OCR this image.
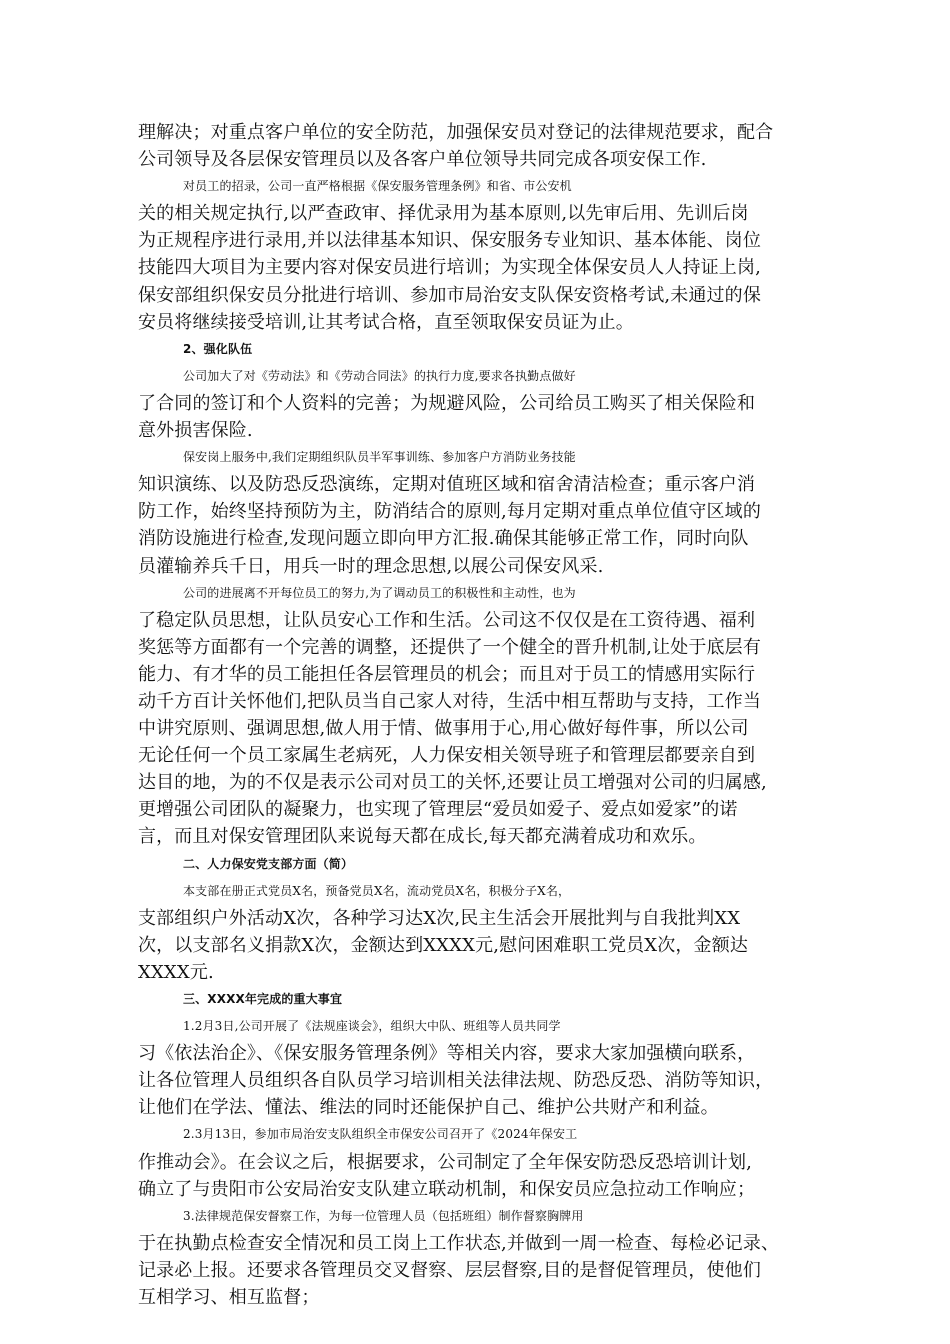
理解决；对重点客户单位的安全防范，加强保安员对登记的法律规范要求，配合
公司领导及各层保安管理员以及各客户单位领导共同完成各项安保工作.
对员工的招录，公司一直严格根据《保安服务管理条例》和省、市公安机
关的相关规定执行,以严查政审、择优录用为基本原则,以先审后用、先训后岗
为正规程序进行录用,并以法律基本知识、保安服务专业知识、基本体能、岗位
技能四大项目为主要内容对保安员进行培训；为实现全体保安员人人持证上岗,
保安部组织保安员分批进行培训、参加市局治安支队保安资格考试,未通过的保
安员将继续接受培训,让其考试合格，直至领取保安员证为止。
2、强化队伍
公司加大了对《劳动法》和《劳动合同法》的执行力度,要求各执勤点做好
了合同的签订和个人资料的完善；为规避风险，公司给员工购买了相关保险和
意外损害保险.
保安岗上服务中,我们定期组织队员半军事训练、参加客户方消防业务技能
知识演练、以及防恐反恐演练，定期对值班区域和宿舍清洁检查；重示客户消
防工作，始终坚持预防为主，防消结合的原则,每月定期对重点单位值守区域的
消防设施进行检查,发现问题立即向甲方汇报.确保其能够正常工作，同时向队
员灌输养兵千日，用兵一时的理念思想,以展公司保安风采.
公司的进展离不开每位员工的努力,为了调动员工的积极性和主动性，也为
了稳定队员思想，让队员安心工作和生活。公司这不仅仅是在工资待遇、福利
奖惩等方面都有一个完善的调整，还提供了一个健全的晋升机制,让处于底层有
能力、有才华的员工能担任各层管理员的机会；而且对于员工的情感用实际行
动千方百计关怀他们,把队员当自己家人对待，生活中相互帮助与支持，工作当
中讲究原则、强调思想,做人用于情、做事用于心,用心做好每件事，所以公司
无论任何一个员工家属生老病死，人力保安相关领导班子和管理层都要亲自到
达目的地，为的不仅是表示公司对员工的关怀,还要让员工增强对公司的归属感,
更增强公司团队的凝聚力，也实现了管理层“爱员如爱子、爱点如爱家”的诺
言，而且对保安管理团队来说每天都在成长,每天都充满着成功和欢乐。
二、人力保安党支部方面（简）
本支部在册正式党员X名，预备党员X名，流动党员X名，积极分子X名，
支部组织户外活动X次，各种学习达X次,民主生活会开展批判与自我批判XX
次，以支部名义捐款X次，金额达到XXXX元,慰问困难职工党员X次，金额达
XXXX元.
三、XXXX年完成的重大事宜
1.2月3日,公司开展了《法规座谈会》，组织大中队、班组等人员共同学
习《依法治企》、《保安服务管理条例》等相关内容，要求大家加强横向联系，
让各位管理人员组织各自队员学习培训相关法律法规、防恐反恐、消防等知识，
让他们在学法、懂法、维法的同时还能保护自己、维护公共财产和利益。
2.3月13日，参加市局治安支队组织全市保安公司召开了《2024年保安工
作推动会》。在会议之后，根据要求，公司制定了全年保安防恐反恐培训计划,
确立了与贵阳市公安局治安支队建立联动机制，和保安员应急拉动工作响应；
3.法律规范保安督察工作，为每一位管理人员（包括班组）制作督察胸牌用
于在执勤点检查安全情况和员工岗上工作状态,并做到一周一检查、每检必记录、
记录必上报。还要求各管理员交叉督察、层层督察,目的是督促管理员，使他们
互相学习、相互监督；
